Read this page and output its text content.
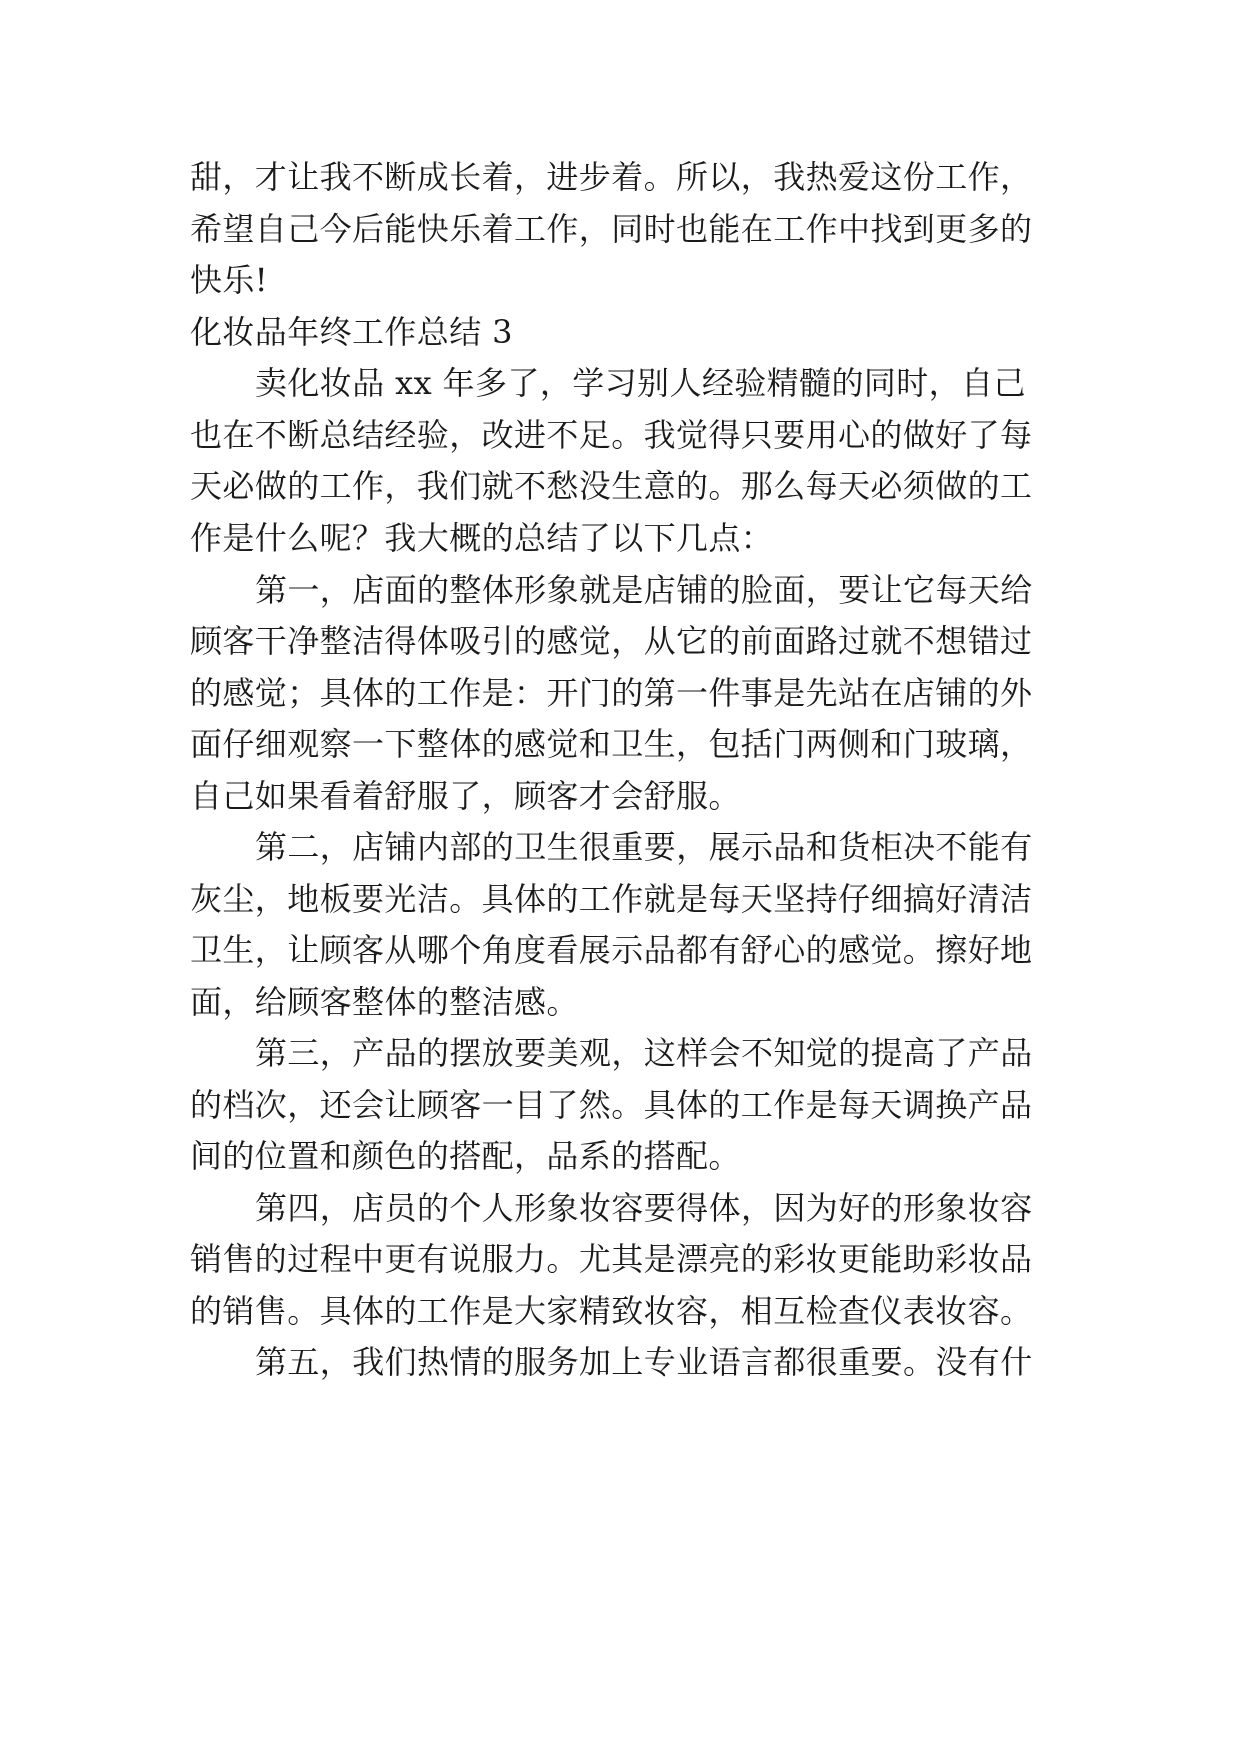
甜，才让我不断成长着，进步着。所以，我热爱这份工作，
希望自己今后能快乐着工作，同时也能在工作中找到更多的
快乐!
化妆品年终工作总结 3
卖化妆品 xx 年多了，学习别人经验精髓的同时，自己
也在不断总结经验，改进不足。我觉得只要用心的做好了每
天必做的工作，我们就不愁没生意的。那么每天必须做的工
作是什么呢？我大概的总结了以下几点：
第一，店面的整体形象就是店铺的脸面，要让它每天给
顾客干净整洁得体吸引的感觉，从它的前面路过就不想错过
的感觉；具体的工作是：开门的第一件事是先站在店铺的外
面仔细观察一下整体的感觉和卫生，包括门两侧和门玻璃，
自己如果看着舒服了，顾客才会舒服。
第二，店铺内部的卫生很重要，展示品和货柜决不能有
灰尘，地板要光洁。具体的工作就是每天坚持仔细搞好清洁
卫生，让顾客从哪个角度看展示品都有舒心的感觉。擦好地
面，给顾客整体的整洁感。
第三，产品的摆放要美观，这样会不知觉的提高了产品
的档次，还会让顾客一目了然。具体的工作是每天调换产品
间的位置和颜色的搭配，品系的搭配。
第四，店员的个人形象妆容要得体，因为好的形象妆容
销售的过程中更有说服力。尤其是漂亮的彩妆更能助彩妆品
的销售。具体的工作是大家精致妆容，相互检查仪表妆容。
第五，我们热情的服务加上专业语言都很重要。没有什
